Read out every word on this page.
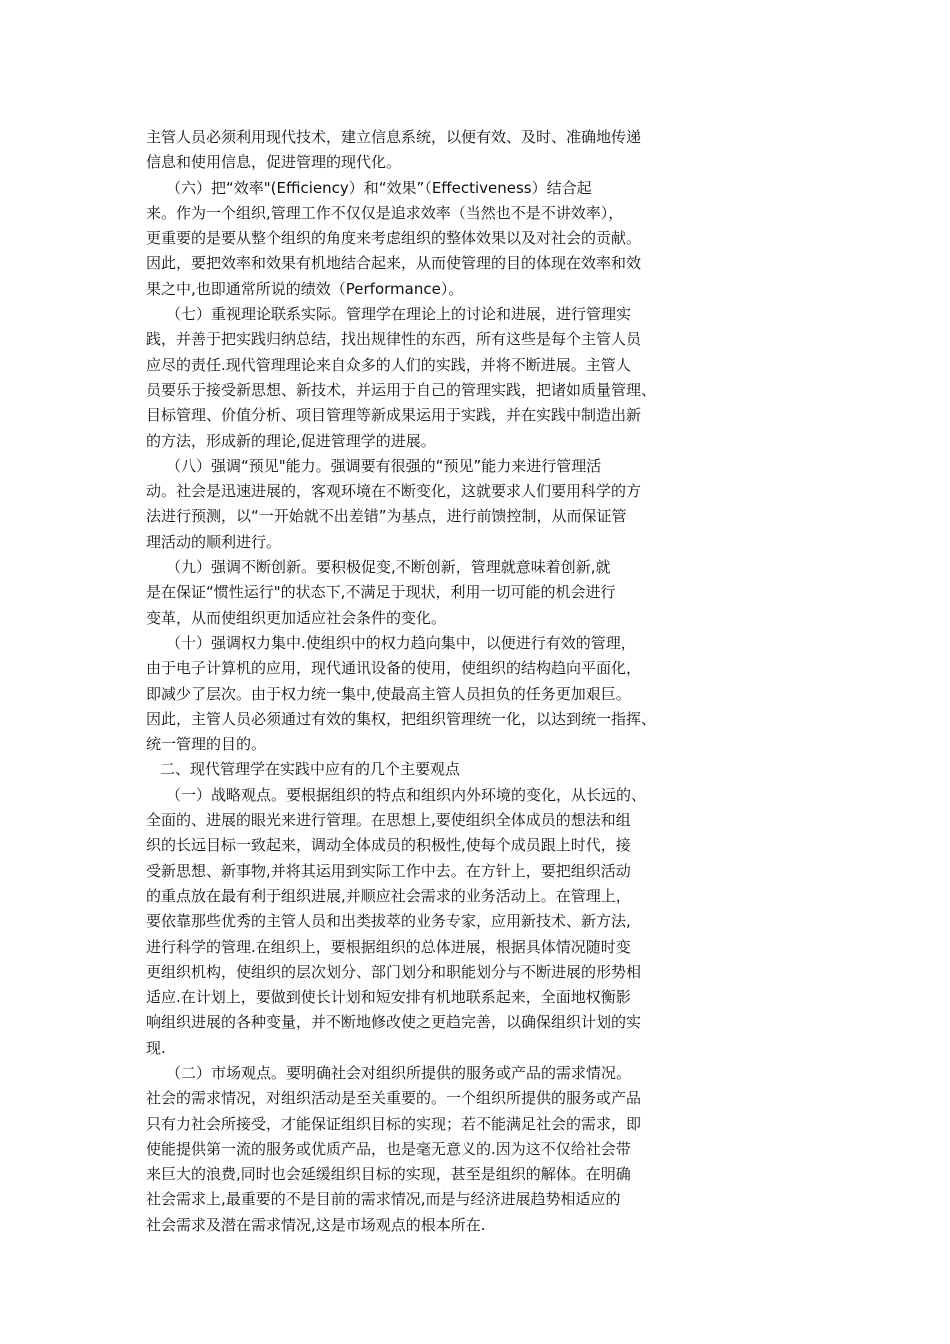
主管人员必须利用现代技术，建立信息系统，以便有效、及时、准确地传递
信息和使用信息，促进管理的现代化。
（六）把“效率"(Efficiency）和“效果”（Effectiveness）结合起
来。作为一个组织,管理工作不仅仅是追求效率（当然也不是不讲效率），
更重要的是要从整个组织的角度来考虑组织的整体效果以及对社会的贡献。
因此，要把效率和效果有机地结合起来，从而使管理的目的体现在效率和效
果之中,也即通常所说的绩效（Performance）。
（七）重视理论联系实际。管理学在理论上的讨论和进展，进行管理实
践，并善于把实践归纳总结，找出规律性的东西，所有这些是每个主管人员
应尽的责任.现代管理理论来自众多的人们的实践，并将不断进展。主管人
员要乐于接受新思想、新技术，并运用于自己的管理实践，把诸如质量管理、
目标管理、价值分析、项目管理等新成果运用于实践，并在实践中制造出新
的方法，形成新的理论,促进管理学的进展。
（八）强调“预见"能力。强调要有很强的“预见”能力来进行管理活
动。社会是迅速进展的，客观环境在不断变化，这就要求人们要用科学的方
法进行预测，以“一开始就不出差错”为基点，进行前馈控制，从而保证管
理活动的顺利进行。
（九）强调不断创新。要积极促变,不断创新，管理就意味着创新,就
是在保证“惯性运行"的状态下,不满足于现状，利用一切可能的机会进行
变革，从而使组织更加适应社会条件的变化。
（十）强调权力集中.使组织中的权力趋向集中，以便进行有效的管理，
由于电子计算机的应用，现代通讯设备的使用，使组织的结构趋向平面化，
即减少了层次。由于权力统一集中,使最高主管人员担负的任务更加艰巨。
因此，主管人员必须通过有效的集权，把组织管理统一化，以达到统一指挥、
统一管理的目的。
二、现代管理学在实践中应有的几个主要观点
（一）战略观点。要根据组织的特点和组织内外环境的变化，从长远的、
全面的、进展的眼光来进行管理。在思想上,要使组织全体成员的想法和组
织的长远目标一致起来，调动全体成员的积极性,使每个成员跟上时代，接
受新思想、新事物,并将其运用到实际工作中去。在方针上，要把组织活动
的重点放在最有利于组织进展,并顺应社会需求的业务活动上。在管理上，
要依靠那些优秀的主管人员和出类拔萃的业务专家，应用新技术、新方法,
进行科学的管理.在组织上，要根据组织的总体进展，根据具体情况随时变
更组织机构，使组织的层次划分、部门划分和职能划分与不断进展的形势相
适应.在计划上，要做到使长计划和短安排有机地联系起来，全面地权衡影
响组织进展的各种变量，并不断地修改使之更趋完善，以确保组织计划的实
现.
（二）市场观点。要明确社会对组织所提供的服务或产品的需求情况。
社会的需求情况，对组织活动是至关重要的。一个组织所提供的服务或产品
只有力社会所接受，才能保证组织目标的实现；若不能满足社会的需求，即
使能提供第一流的服务或优质产品，也是毫无意义的.因为这不仅给社会带
来巨大的浪费,同时也会延缓组织目标的实现，甚至是组织的解体。在明确
社会需求上,最重要的不是目前的需求情况,而是与经济进展趋势相适应的
社会需求及潜在需求情况,这是市场观点的根本所在.
